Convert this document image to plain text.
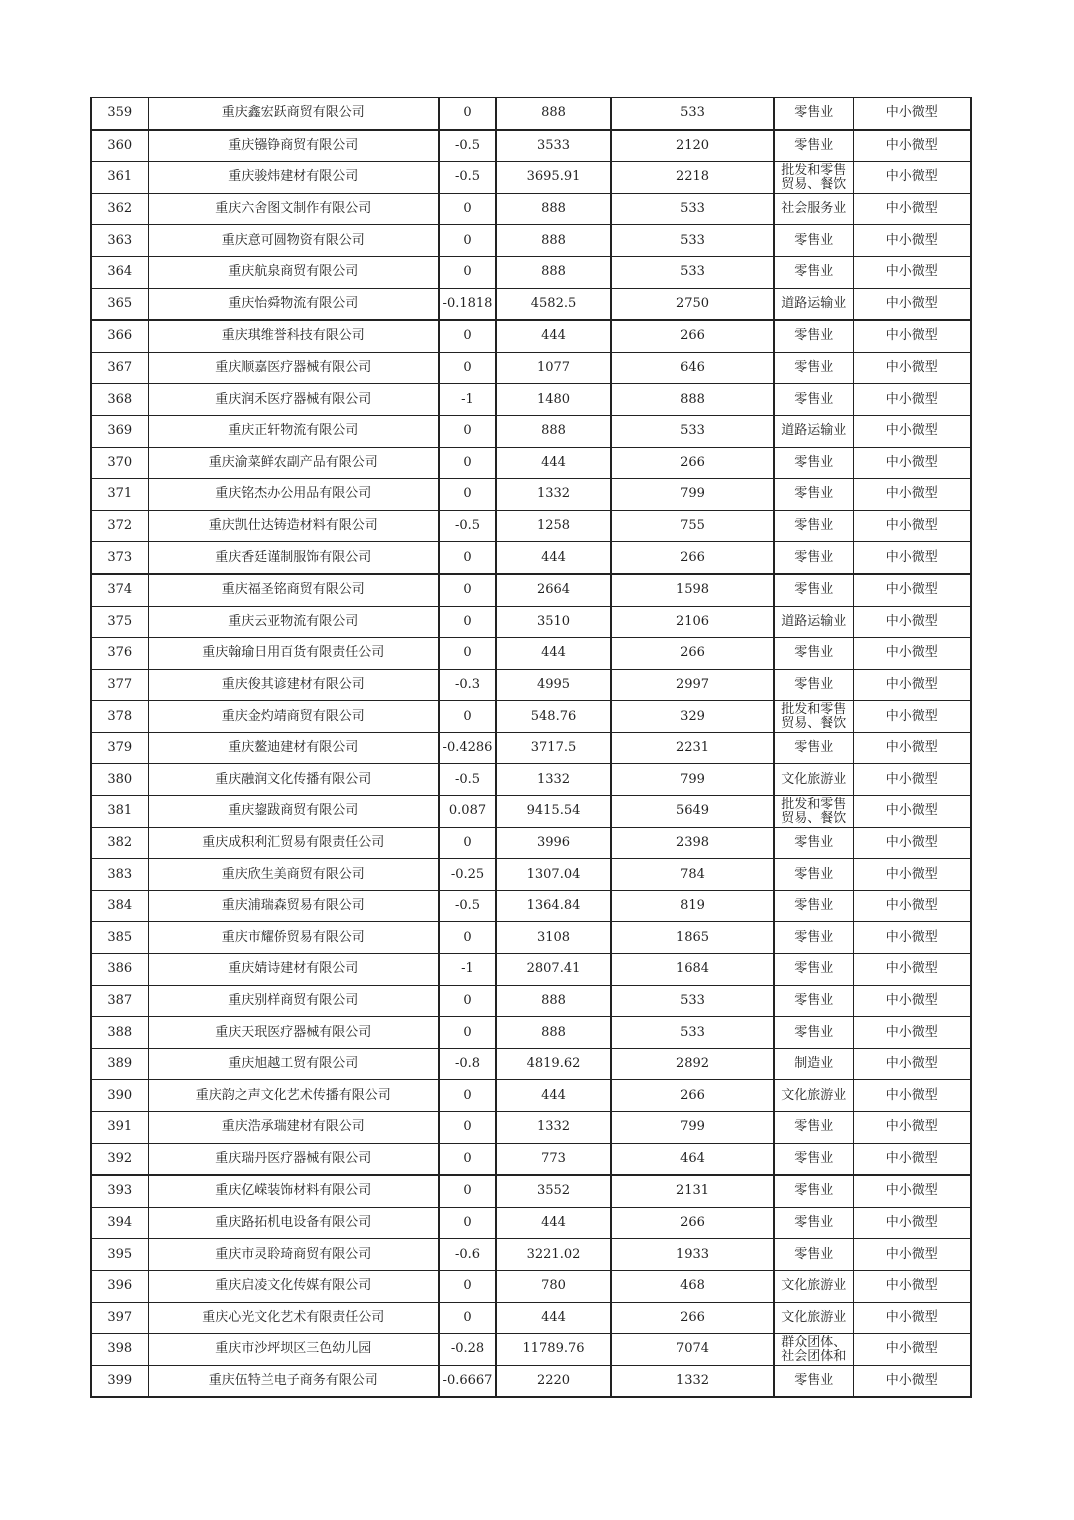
359	重庆鑫宏跃商贸有限公司	0	888	533	零售业	中小微型
360	重庆镪铮商贸有限公司	-0.5	3533	2120	零售业	中小微型
361	重庆骏炜建材有限公司	-0.5	3695.91	2218	批发和零售贸易、餐饮	中小微型
362	重庆六舍图文制作有限公司	0	888	533	社会服务业	中小微型
363	重庆意可圆物资有限公司	0	888	533	零售业	中小微型
364	重庆航泉商贸有限公司	0	888	533	零售业	中小微型
365	重庆怡舜物流有限公司	-0.1818	4582.5	2750	道路运输业	中小微型
366	重庆琪维誉科技有限公司	0	444	266	零售业	中小微型
367	重庆顺嘉医疗器械有限公司	0	1077	646	零售业	中小微型
368	重庆润禾医疗器械有限公司	-1	1480	888	零售业	中小微型
369	重庆正轩物流有限公司	0	888	533	道路运输业	中小微型
370	重庆渝菜鲜农副产品有限公司	0	444	266	零售业	中小微型
371	重庆铭杰办公用品有限公司	0	1332	799	零售业	中小微型
372	重庆凯仕达铸造材料有限公司	-0.5	1258	755	零售业	中小微型
373	重庆香廷谨制服饰有限公司	0	444	266	零售业	中小微型
374	重庆福圣铭商贸有限公司	0	2664	1598	零售业	中小微型
375	重庆云亚物流有限公司	0	3510	2106	道路运输业	中小微型
376	重庆翰瑜日用百货有限责任公司	0	444	266	零售业	中小微型
377	重庆俊其谚建材有限公司	-0.3	4995	2997	零售业	中小微型
378	重庆金灼靖商贸有限公司	0	548.76	329	批发和零售贸易、餐饮	中小微型
379	重庆鳌迪建材有限公司	-0.4286	3717.5	2231	零售业	中小微型
380	重庆融润文化传播有限公司	-0.5	1332	799	文化旅游业	中小微型
381	重庆鋆跋商贸有限公司	0.087	9415.54	5649	批发和零售贸易、餐饮	中小微型
382	重庆成积利汇贸易有限责任公司	0	3996	2398	零售业	中小微型
383	重庆欣生美商贸有限公司	-0.25	1307.04	784	零售业	中小微型
384	重庆浦瑞森贸易有限公司	-0.5	1364.84	819	零售业	中小微型
385	重庆市耀侨贸易有限公司	0	3108	1865	零售业	中小微型
386	重庆婧诗建材有限公司	-1	2807.41	1684	零售业	中小微型
387	重庆别样商贸有限公司	0	888	533	零售业	中小微型
388	重庆天珉医疗器械有限公司	0	888	533	零售业	中小微型
389	重庆旭越工贸有限公司	-0.8	4819.62	2892	制造业	中小微型
390	重庆韵之声文化艺术传播有限公司	0	444	266	文化旅游业	中小微型
391	重庆浩承瑞建材有限公司	0	1332	799	零售业	中小微型
392	重庆瑞丹医疗器械有限公司	0	773	464	零售业	中小微型
393	重庆亿嵘装饰材料有限公司	0	3552	2131	零售业	中小微型
394	重庆路拓机电设备有限公司	0	444	266	零售业	中小微型
395	重庆市灵聆琦商贸有限公司	-0.6	3221.02	1933	零售业	中小微型
396	重庆启凌文化传媒有限公司	0	780	468	文化旅游业	中小微型
397	重庆心光文化艺术有限责任公司	0	444	266	文化旅游业	中小微型
398	重庆市沙坪坝区三色幼儿园	-0.28	11789.76	7074	群众团体、社会团体和	中小微型
399	重庆伍特兰电子商务有限公司	-0.6667	2220	1332	零售业	中小微型
